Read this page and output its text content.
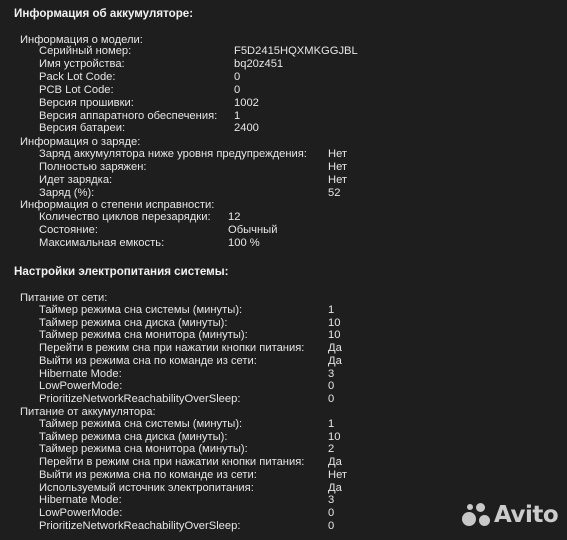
Информация об аккумуляторе:
Информация о модели:
Серийный номер:	F5D2415HQXMKGGJBL
Имя устройства:	bq20z451
Pack Lot Code:	0
PCB Lot Code:	0
Версия прошивки:	1002
Версия аппаратного обеспечения: 1
Версия батареи:	2400
Информация о заряде:
Заряд аккумулятора ниже уровня предупреждения: Нет
Полностью заряжен:	Нет
Идет зарядка:	Нет
Заряд (%):	52
Информация о степени исправности:
Количество циклов перезарядки: 12
Состояние:	Обычный
Максимальная емкость:	100 %
Настройки электропитания системы:
Питание от сети:
Таймер режима сна системы (минуты):	1
Таймер режима сна диска (минуты):	10
Таймер режима сна монитора (минуты):	10
Перейти в режим сна при нажатии кнопки питания: Да
Выйти из режима сна по команде из сети:	Да
Hibernate Mode:	3
LowPowerMode:	0
PrioritizeNetworkReachabilityOverSleep:	0
Питание от аккумулятора:
Таймер режима сна системы (минуты):	1
Таймер режима сна диска (минуты):	10
Таймер режима сна монитора (минуты):	2
Перейти в режим сна при нажатии кнопки питания: Да
Выйти из режима сна по команде из сети:	Нет
Используемый источник электропитания:	Да
Hibernate Mode:	3
LowPowerMode:	0
PrioritizeNetworkReachabilityOverSleep:	0	Avito
